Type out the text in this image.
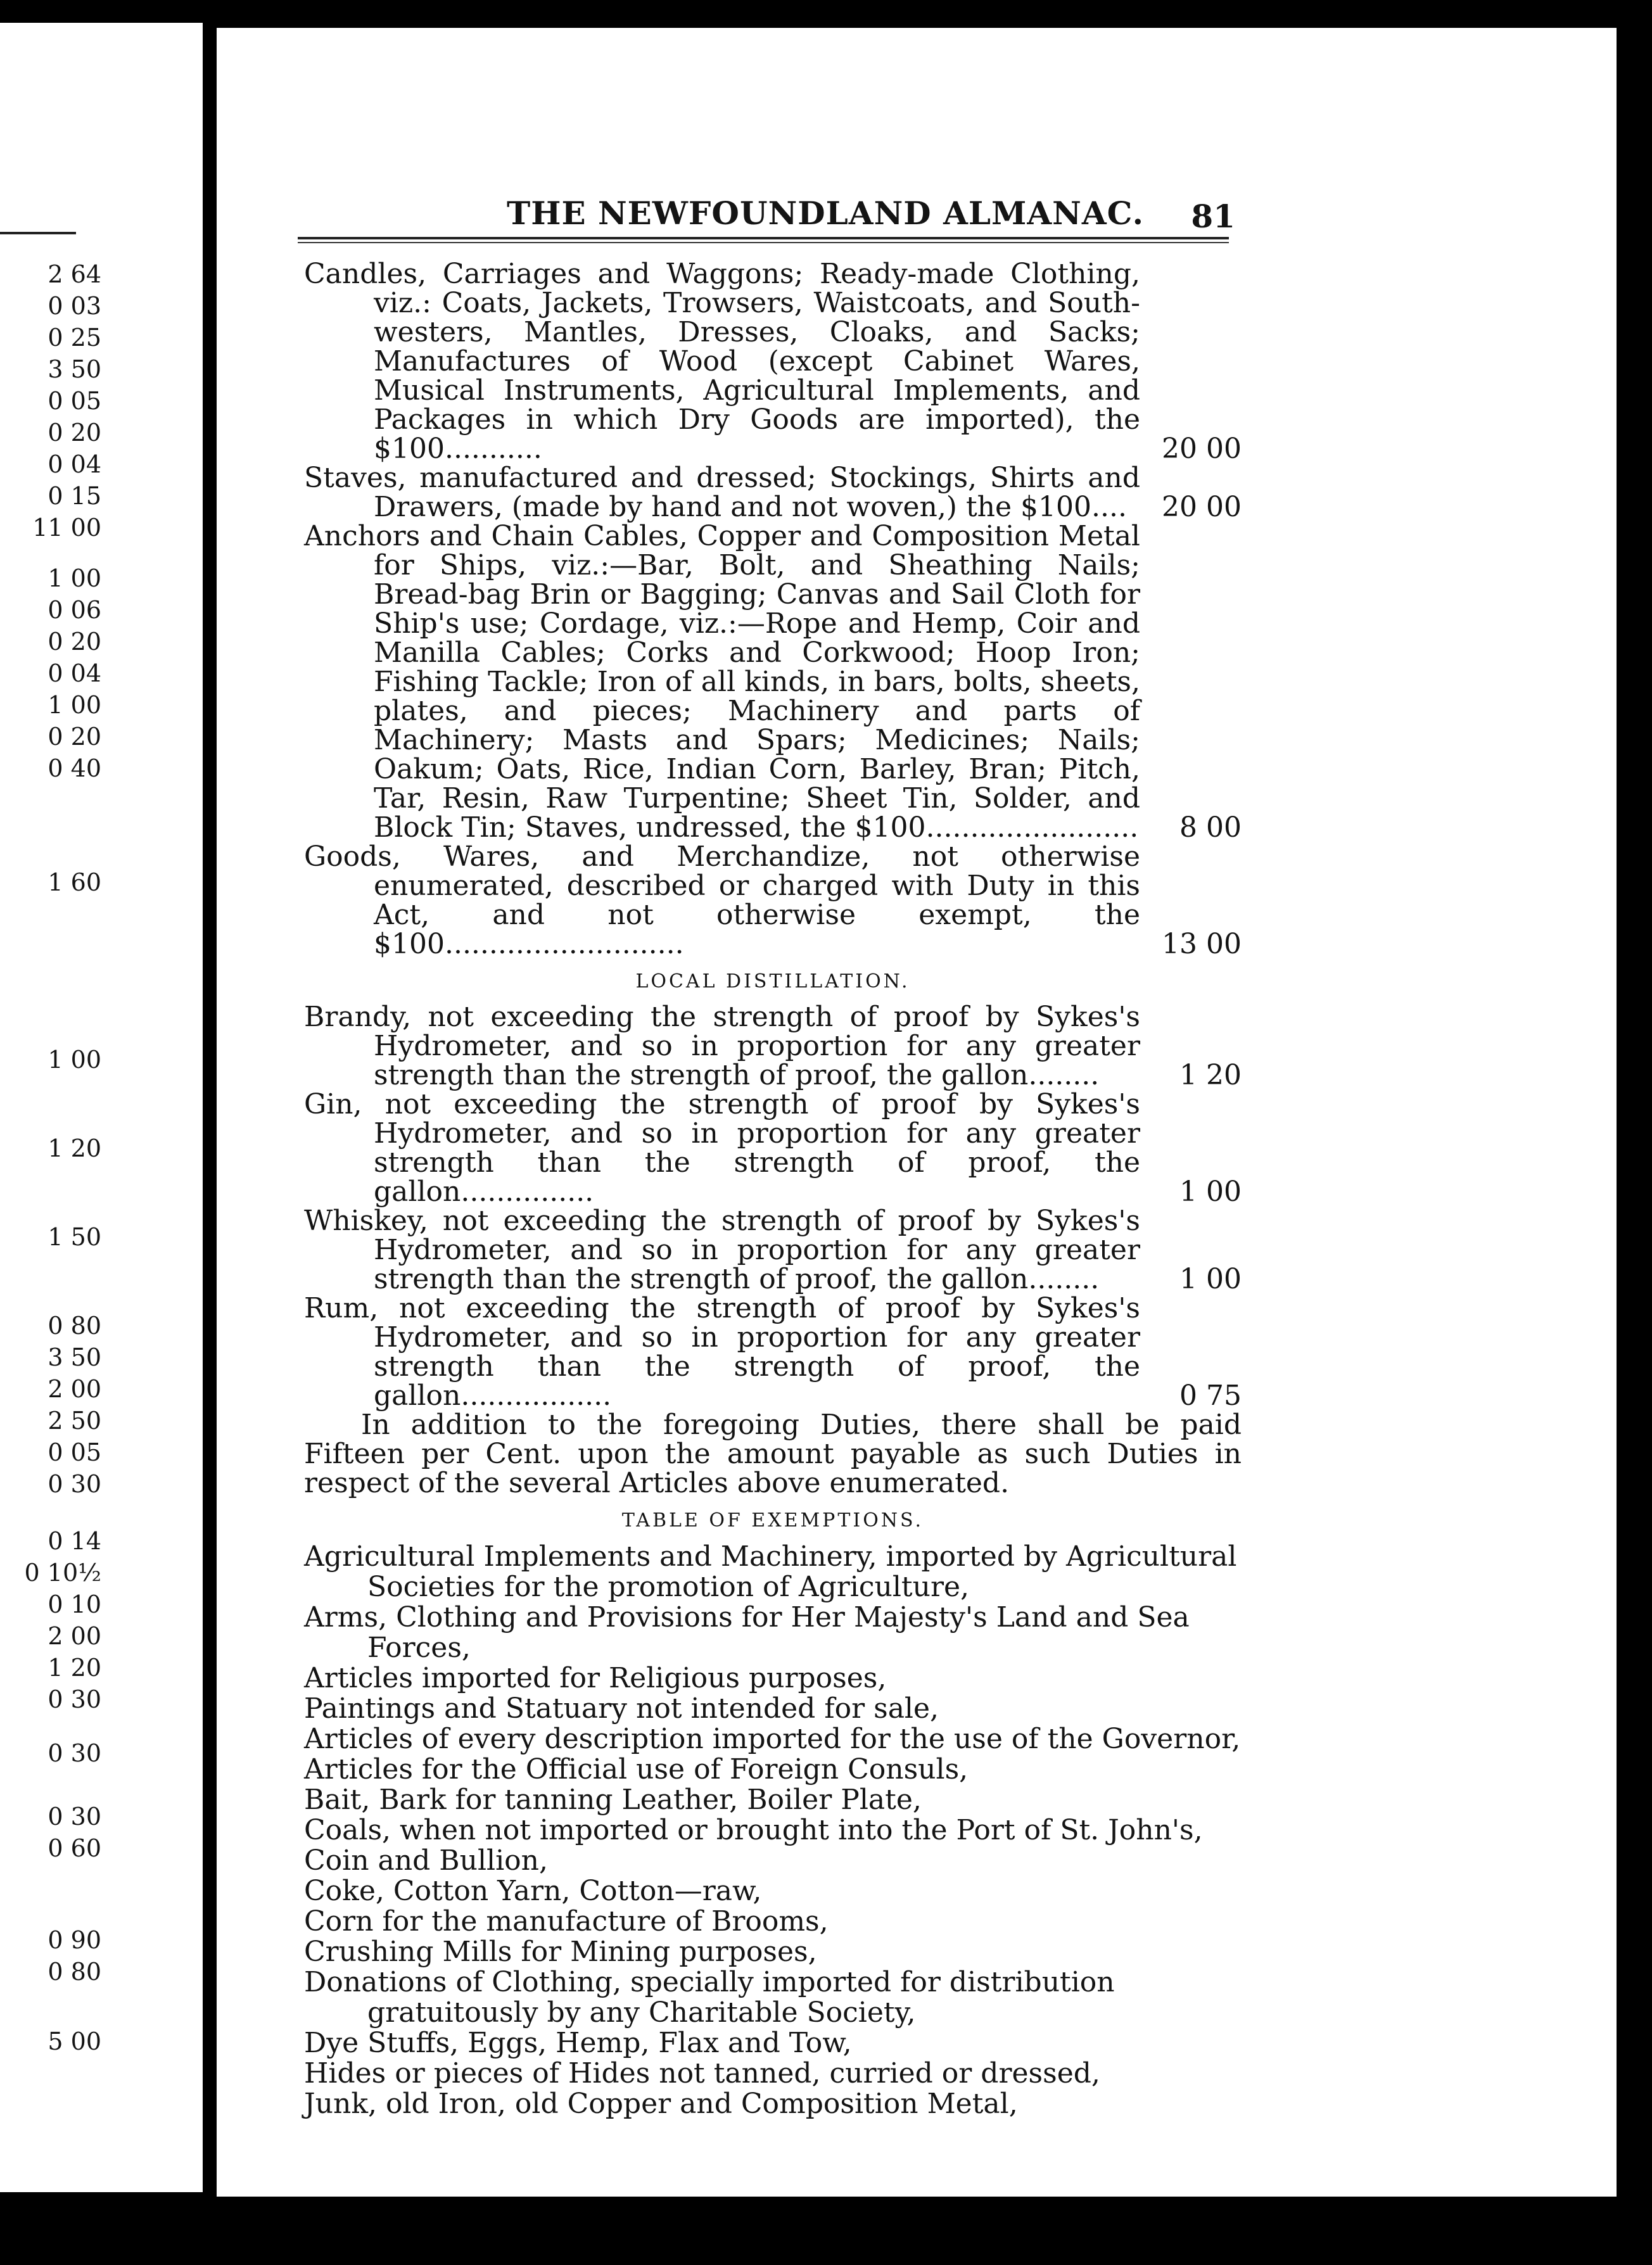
2 64
0 03
0 25
3 50
0 05
0 20
0 04
0 15
11 00
1 00
0 06
0 20
0 04
1 00
0 20
0 40
1 60
1 00
1 20
1 50
0 80
3 50
2 00
2 50
0 05
0 30
0 14
0 10½
0 10
2 00
1 20
0 30
0 30
0 30
0 60
0 90
0 80
5 00
THE NEWFOUNDLAND ALMANAC. 81
Candles, Carriages and Waggons; Ready-made Clothing, viz.: Coats, Jackets, Trowsers, Waistcoats, and South-westers, Mantles, Dresses, Cloaks, and Sacks; Manufactures of Wood (except Cabinet Wares, Musical Instruments, Agricultural Implements, and Packages in which Dry Goods are imported), the $100...........	20 00
Staves, manufactured and dressed; Stockings, Shirts and Drawers, (made by hand and not woven,) the $100.... 20 00
Anchors and Chain Cables, Copper and Composition Metal for Ships, viz.:—Bar, Bolt, and Sheathing Nails; Bread-bag Brin or Bagging; Canvas and Sail Cloth for Ship's use; Cordage, viz.:—Rope and Hemp, Coir and Manilla Cables; Corks and Corkwood; Hoop Iron; Fishing Tackle; Iron of all kinds, in bars, bolts, sheets, plates, and pieces; Machinery and parts of Machinery; Masts and Spars; Medicines; Nails; Oakum; Oats, Rice, Indian Corn, Barley, Bran; Pitch, Tar, Resin, Raw Turpentine; Sheet Tin, Solder, and Block Tin; Staves, undressed, the $100........................	8 00
Goods, Wares, and Merchandize, not otherwise enumerated, described or charged with Duty in this Act, and not otherwise exempt, the $100...........................	13 00
LOCAL DISTILLATION.
Brandy, not exceeding the strength of proof by Sykes's Hydrometer, and so in proportion for any greater strength than the strength of proof, the gallon........	1 20
Gin, not exceeding the strength of proof by Sykes's Hydrometer, and so in proportion for any greater strength than the strength of proof, the gallon...............	1 00
Whiskey, not exceeding the strength of proof by Sykes's Hydrometer, and so in proportion for any greater strength than the strength of proof, the gallon........	1 00
Rum, not exceeding the strength of proof by Sykes's Hydrometer, and so in proportion for any greater strength than the strength of proof, the gallon.................	0 75
In addition to the foregoing Duties, there shall be paid Fifteen per Cent. upon the amount payable as such Duties in respect of the several Articles above enumerated.
TABLE OF EXEMPTIONS.
Agricultural Implements and Machinery, imported by Agricultural Societies for the promotion of Agriculture,
Arms, Clothing and Provisions for Her Majesty's Land and Sea Forces,
Articles imported for Religious purposes,
Paintings and Statuary not intended for sale,
Articles of every description imported for the use of the Governor,
Articles for the Official use of Foreign Consuls,
Bait, Bark for tanning Leather, Boiler Plate,
Coals, when not imported or brought into the Port of St. John's,
Coin and Bullion,
Coke, Cotton Yarn, Cotton—raw,
Corn for the manufacture of Brooms,
Crushing Mills for Mining purposes,
Donations of Clothing, specially imported for distribution gratuitously by any Charitable Society,
Dye Stuffs, Eggs, Hemp, Flax and Tow,
Hides or pieces of Hides not tanned, curried or dressed,
Junk, old Iron, old Copper and Composition Metal,
